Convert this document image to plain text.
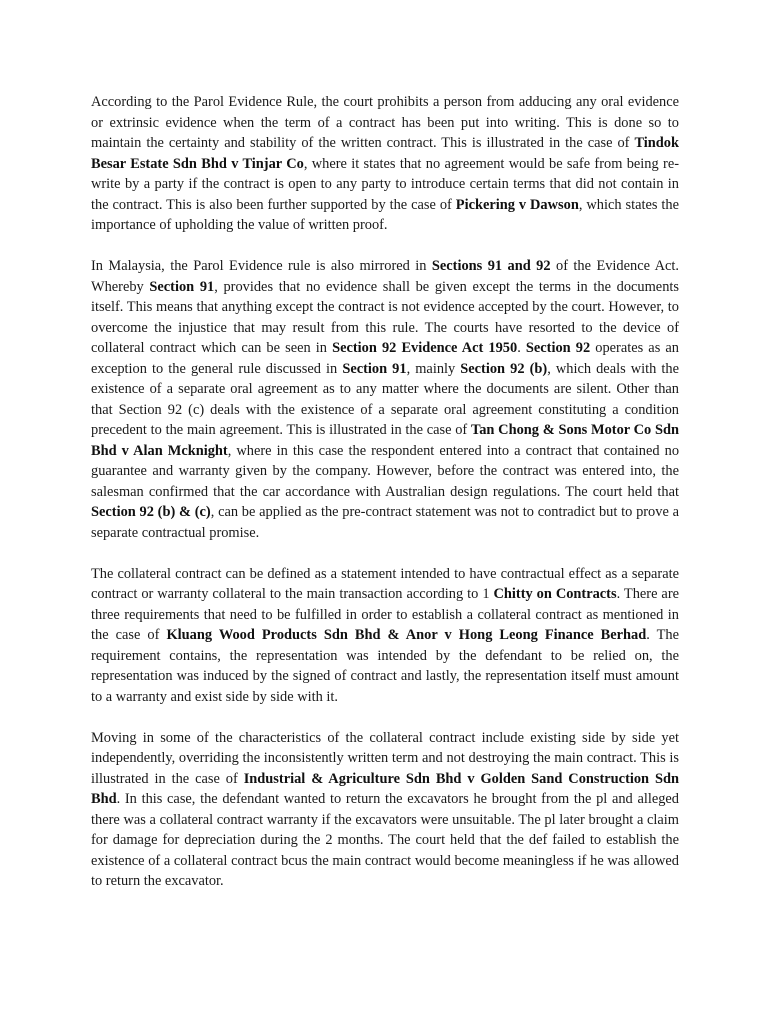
According to the Parol Evidence Rule, the court prohibits a person from adducing any oral evidence or extrinsic evidence when the term of a contract has been put into writing. This is done so to maintain the certainty and stability of the written contract. This is illustrated in the case of Tindok Besar Estate Sdn Bhd v Tinjar Co, where it states that no agreement would be safe from being re-write by a party if the contract is open to any party to introduce certain terms that did not contain in the contract. This is also been further supported by the case of Pickering v Dawson, which states the importance of upholding the value of written proof.

In Malaysia, the Parol Evidence rule is also mirrored in Sections 91 and 92 of the Evidence Act. Whereby Section 91, provides that no evidence shall be given except the terms in the documents itself. This means that anything except the contract is not evidence accepted by the court. However, to overcome the injustice that may result from this rule. The courts have resorted to the device of collateral contract which can be seen in Section 92 Evidence Act 1950. Section 92 operates as an exception to the general rule discussed in Section 91, mainly Section 92 (b), which deals with the existence of a separate oral agreement as to any matter where the documents are silent. Other than that Section 92 (c) deals with the existence of a separate oral agreement constituting a condition precedent to the main agreement. This is illustrated in the case of Tan Chong & Sons Motor Co Sdn Bhd v Alan Mcknight, where in this case the respondent entered into a contract that contained no guarantee and warranty given by the company. However, before the contract was entered into, the salesman confirmed that the car accordance with Australian design regulations. The court held that Section 92 (b) & (c), can be applied as the pre-contract statement was not to contradict but to prove a separate contractual promise.

The collateral contract can be defined as a statement intended to have contractual effect as a separate contract or warranty collateral to the main transaction according to 1 Chitty on Contracts. There are three requirements that need to be fulfilled in order to establish a collateral contract as mentioned in the case of Kluang Wood Products Sdn Bhd & Anor v Hong Leong Finance Berhad. The requirement contains, the representation was intended by the defendant to be relied on, the representation was induced by the signed of contract and lastly, the representation itself must amount to a warranty and exist side by side with it.

Moving in some of the characteristics of the collateral contract include existing side by side yet independently, overriding the inconsistently written term and not destroying the main contract. This is illustrated in the case of Industrial & Agriculture Sdn Bhd v Golden Sand Construction Sdn Bhd. In this case, the defendant wanted to return the excavators he brought from the pl and alleged there was a collateral contract warranty if the excavators were unsuitable. The pl later brought a claim for damage for depreciation during the 2 months. The court held that the def failed to establish the existence of a collateral contract bcus the main contract would become meaningless if he was allowed to return the excavator.
